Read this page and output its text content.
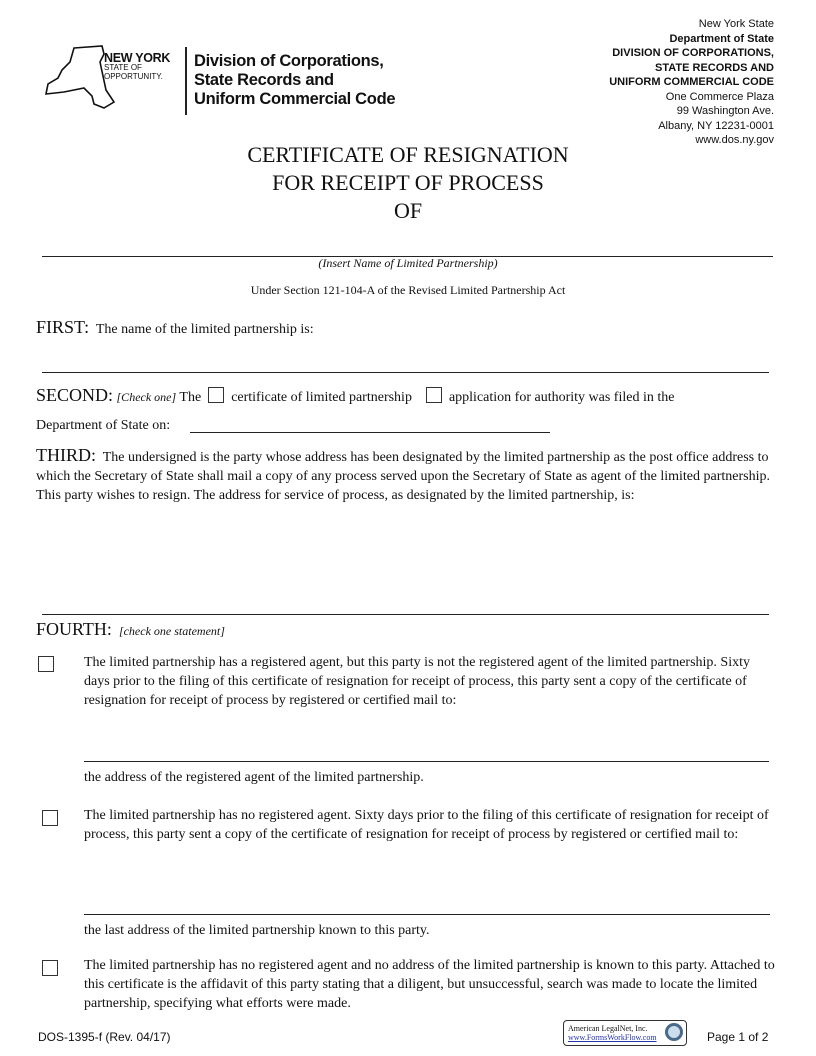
NEW YORK
STATE OF
OPPORTUNITY.
Division of Corporations,
State Records and
Uniform Commercial Code
New York State
Department of State
DIVISION OF CORPORATIONS,
STATE RECORDS AND
UNIFORM COMMERCIAL CODE
One Commerce Plaza
99 Washington Ave.
Albany, NY 12231-0001
www.dos.ny.gov
CERTIFICATE OF RESIGNATION
FOR RECEIPT OF PROCESS
OF
(Insert Name of Limited Partnership)
Under Section 121-104-A of the Revised Limited Partnership Act
FIRST: The name of the limited partnership is:
SECOND: [Check one] The certificate of limited partnership	application for authority was filed in the
Department of State on:
THIRD: The undersigned is the party whose address has been designated by the limited partnership as the post office address to which the Secretary of State shall mail a copy of any process served upon the Secretary of State as agent of the limited partnership. This party wishes to resign. The address for service of process, as designated by the limited partnership, is:
FOURTH: [check one statement]
The limited partnership has a registered agent, but this party is not the registered agent of the limited partnership. Sixty days prior to the filing of this certificate of resignation for receipt of process, this party sent a copy of the certificate of resignation for receipt of process by registered or certified mail to:
the address of the registered agent of the limited partnership.
The limited partnership has no registered agent. Sixty days prior to the filing of this certificate of resignation for receipt of process, this party sent a copy of the certificate of resignation for receipt of process by registered or certified mail to:
the last address of the limited partnership known to this party.
The limited partnership has no registered agent and no address of the limited partnership is known to this party. Attached to this certificate is the affidavit of this party stating that a diligent, but unsuccessful, search was made to locate the limited partnership, specifying what efforts were made.
DOS-1395-f (Rev. 04/17)
American LegalNet, Inc.
www.FormsWorkFlow.com	Page 1 of 2
